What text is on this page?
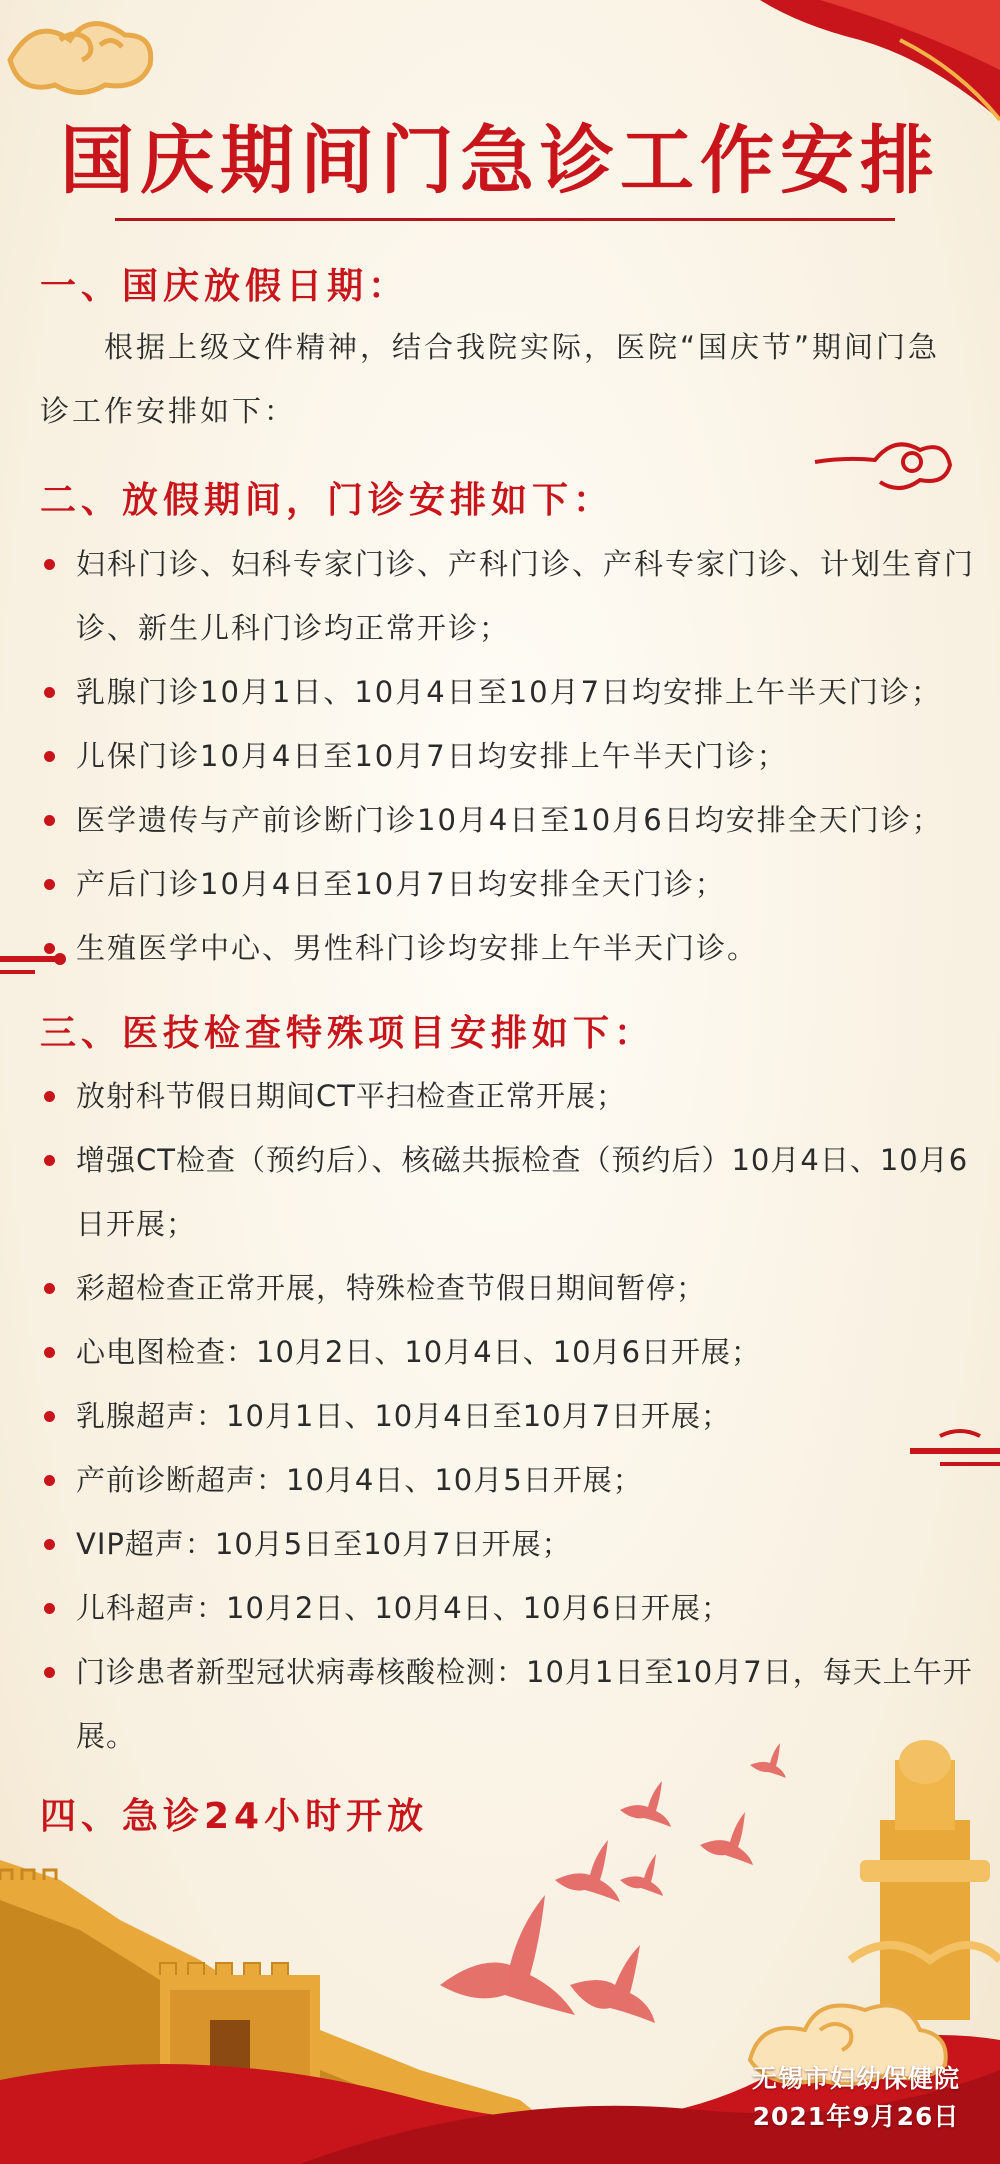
国庆期间门急诊工作安排
一、国庆放假日期：

根据上级文件精神，结合我院实际，医院“国庆节”期间门急诊工作安排如下：

二、放假期间，门诊安排如下：
妇科门诊、妇科专家门诊、产科门诊、产科专家门诊、计划生育门诊、新生儿科门诊均正常开诊；
乳腺门诊10月1日、10月4日至10月7日均安排上午半天门诊；
儿保门诊10月4日至10月7日均安排上午半天门诊；
医学遗传与产前诊断门诊10月4日至10月6日均安排全天门诊；
产后门诊10月4日至10月7日均安排全天门诊；
生殖医学中心、男性科门诊均安排上午半天门诊。
三、医技检查特殊项目安排如下：
放射科节假日期间CT平扫检查正常开展；
增强CT检查（预约后）、核磁共振检查（预约后）10月4日、10月6日开展；
彩超检查正常开展，特殊检查节假日期间暂停；
心电图检查：10月2日、10月4日、10月6日开展；
乳腺超声：10月1日、10月4日至10月7日开展；
产前诊断超声：10月4日、10月5日开展；
VIP超声：10月5日至10月7日开展；
儿科超声：10月2日、10月4日、10月6日开展；
门诊患者新型冠状病毒核酸检测：10月1日至10月7日，每天上午开展。
四、急诊24小时开放
无锡市妇幼保健院
2021年9月26日
